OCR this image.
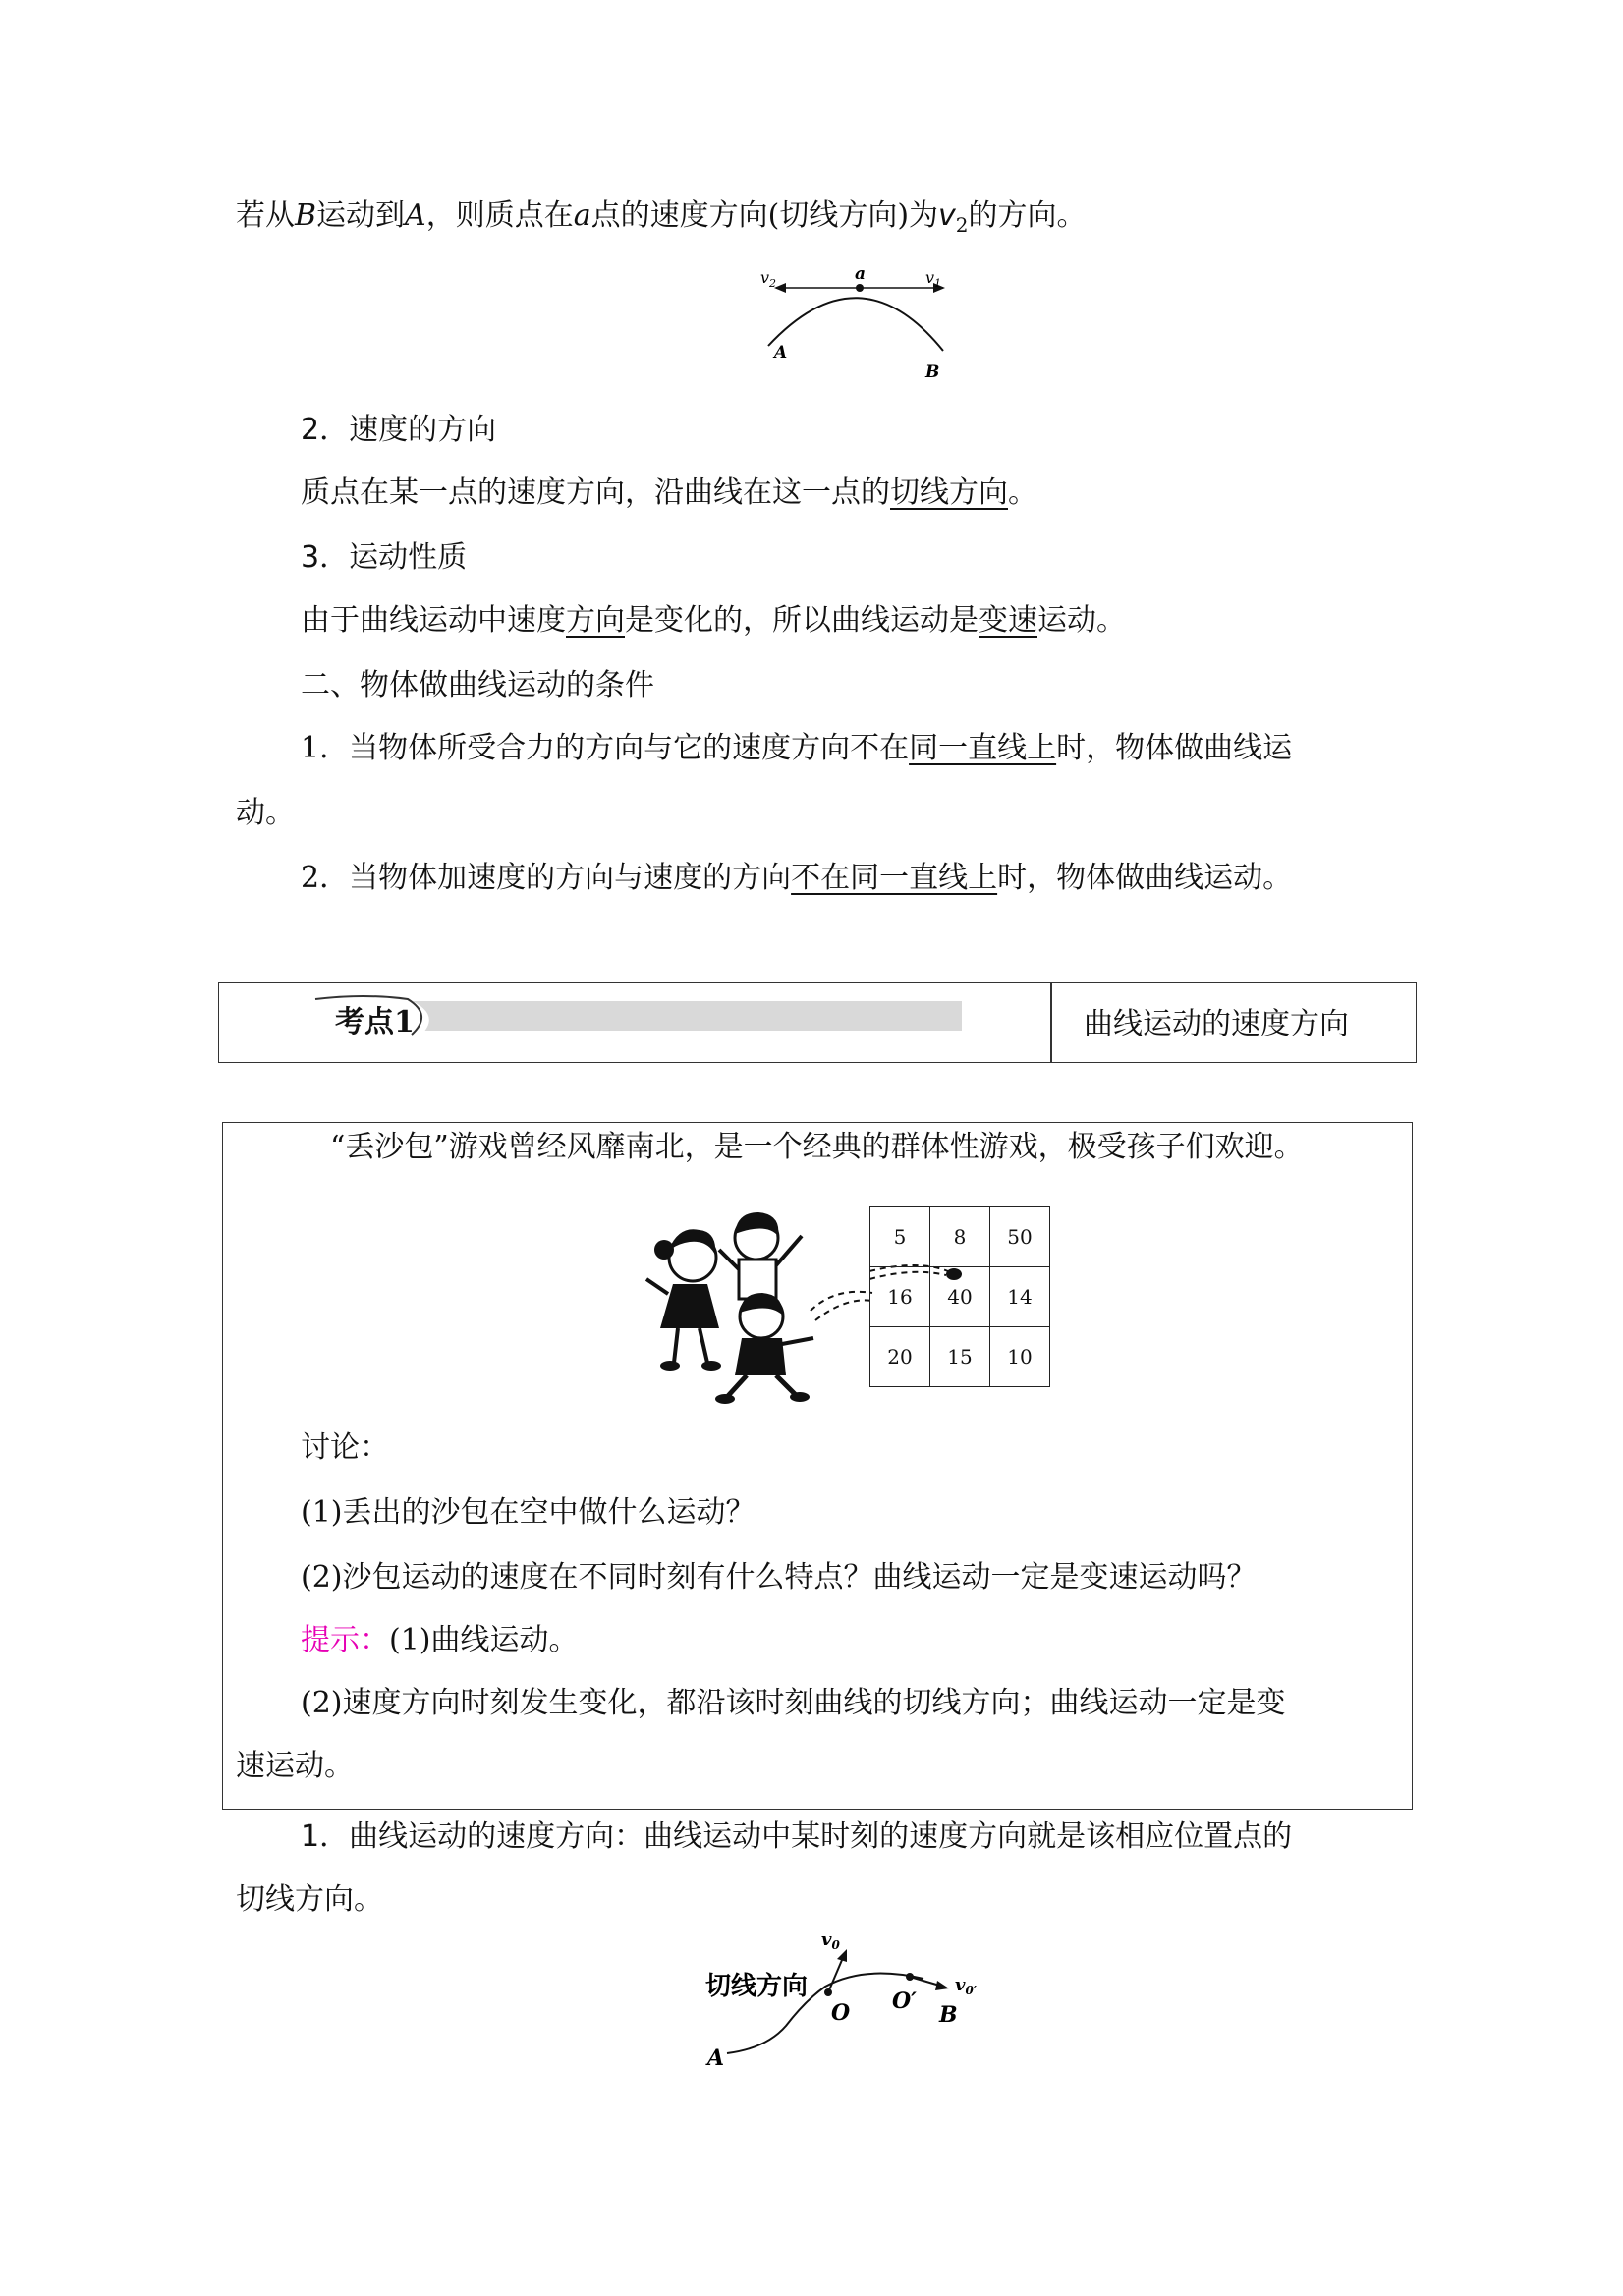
若从B运动到A，则质点在a点的速度方向(切线方向)为$v_2$的方向。
$v_2$	a	$v_1$
A
B
2．速度的方向
质点在某一点的速度方向，沿曲线在这一点的切线方向。
3．运动性质
由于曲线运动中速度方向是变化的，所以曲线运动是变速运动。
二、物体做曲线运动的条件
1．当物体所受合力的方向与它的速度方向不在同一直线上时，物体做曲线运
动。
2．当物体加速度的方向与速度的方向不在同一直线上时，物体做曲线运动。
考点1	曲线运动的速度方向
“丢沙包”游戏曾经风靡南北，是一个经典的群体性游戏，极受孩子们欢迎。
5	8	50
16	40	14
20	15	10
讨论：
(1)丢出的沙包在空中做什么运动？
(2)沙包运动的速度在不同时刻有什么特点？曲线运动一定是变速运动吗？
提示：(1)曲线运动。
(2)速度方向时刻发生变化，都沿该时刻曲线的切线方向；曲线运动一定是变
速运动。
1．曲线运动的速度方向：曲线运动中某时刻的速度方向就是该相应位置点的
切线方向。
切线方向
$v_0$
O O′
B
$v_{0'}$
A
